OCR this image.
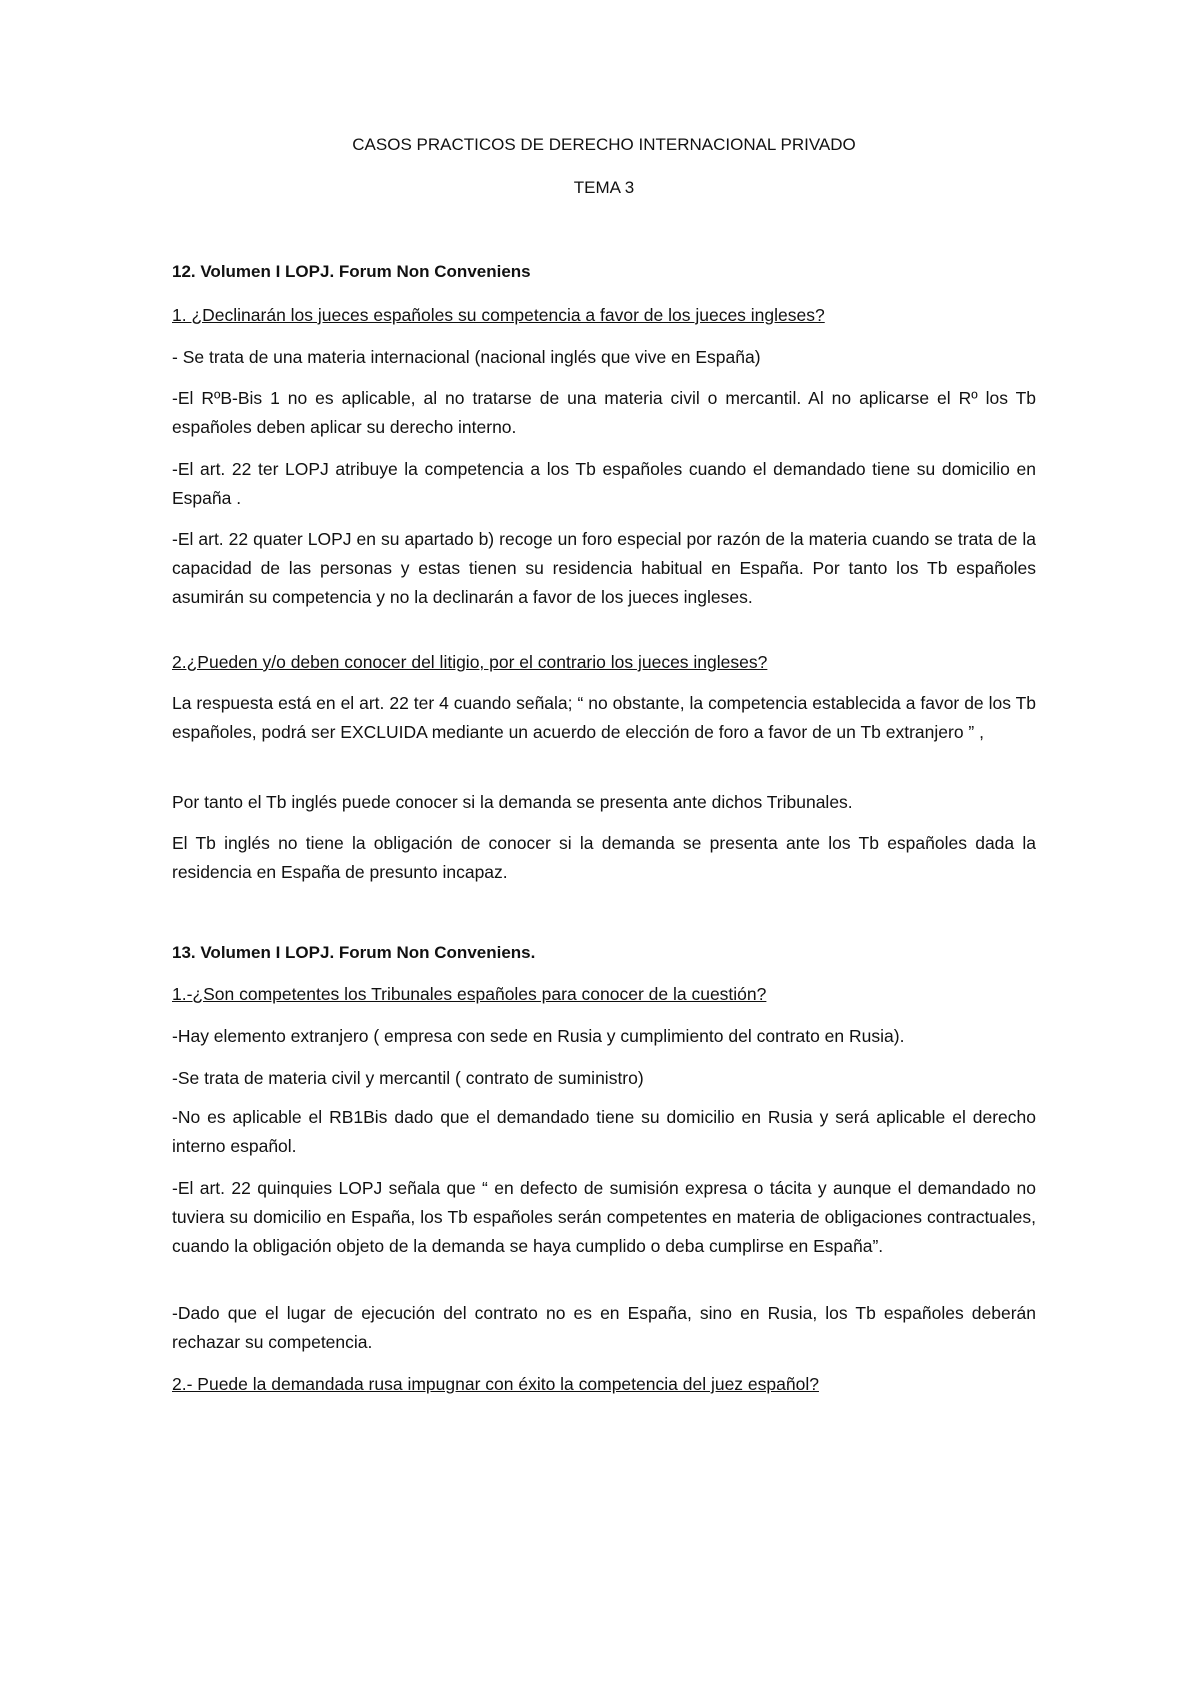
CASOS PRACTICOS DE DERECHO INTERNACIONAL PRIVADO
TEMA 3
12. Volumen I LOPJ. Forum Non Conveniens
1. ¿Declinarán los jueces españoles su competencia a favor de los jueces ingleses?
- Se trata de una materia internacional (nacional inglés que vive en España)
-El RºB-Bis 1 no es aplicable, al no tratarse de una materia civil o mercantil. Al no aplicarse el Rº los Tb españoles deben aplicar su derecho interno.
-El art. 22 ter LOPJ atribuye la competencia a los Tb españoles cuando el demandado tiene su domicilio en España .
-El art. 22 quater LOPJ en su apartado b) recoge un foro especial por razón de la materia cuando se trata de la capacidad de las personas y estas tienen su residencia habitual en España. Por tanto los Tb españoles asumirán su competencia y no la declinarán a favor de los jueces ingleses.
2.¿Pueden y/o deben conocer del litigio, por el contrario los jueces ingleses?
La respuesta está en el art. 22 ter 4 cuando señala; “ no obstante, la competencia establecida a favor de los Tb españoles, podrá ser EXCLUIDA mediante un acuerdo de elección de foro a favor de un Tb extranjero ” ,
Por tanto el Tb inglés puede conocer si la demanda se presenta ante dichos Tribunales.
El Tb inglés no tiene la obligación de conocer si la demanda se presenta ante los Tb españoles dada la residencia en España de presunto incapaz.
13. Volumen I LOPJ. Forum Non Conveniens.
1.-¿Son competentes los Tribunales españoles para conocer de la cuestión?
-Hay elemento extranjero ( empresa con sede en Rusia y cumplimiento del contrato en Rusia).
-Se trata de materia civil y mercantil ( contrato de suministro)
-No es aplicable el RB1Bis dado que el demandado tiene su domicilio en Rusia y será aplicable el derecho interno español.
-El art. 22 quinquies LOPJ señala que “ en defecto de sumisión expresa o tácita y aunque el demandado no tuviera su domicilio en España, los Tb españoles serán competentes en materia de obligaciones contractuales, cuando la obligación objeto de la demanda se haya cumplido o deba cumplirse en España”.
-Dado que el lugar de ejecución del contrato no es en España, sino en Rusia, los Tb españoles deberán rechazar su competencia.
2.- Puede la demandada rusa impugnar con éxito la competencia del juez español?
